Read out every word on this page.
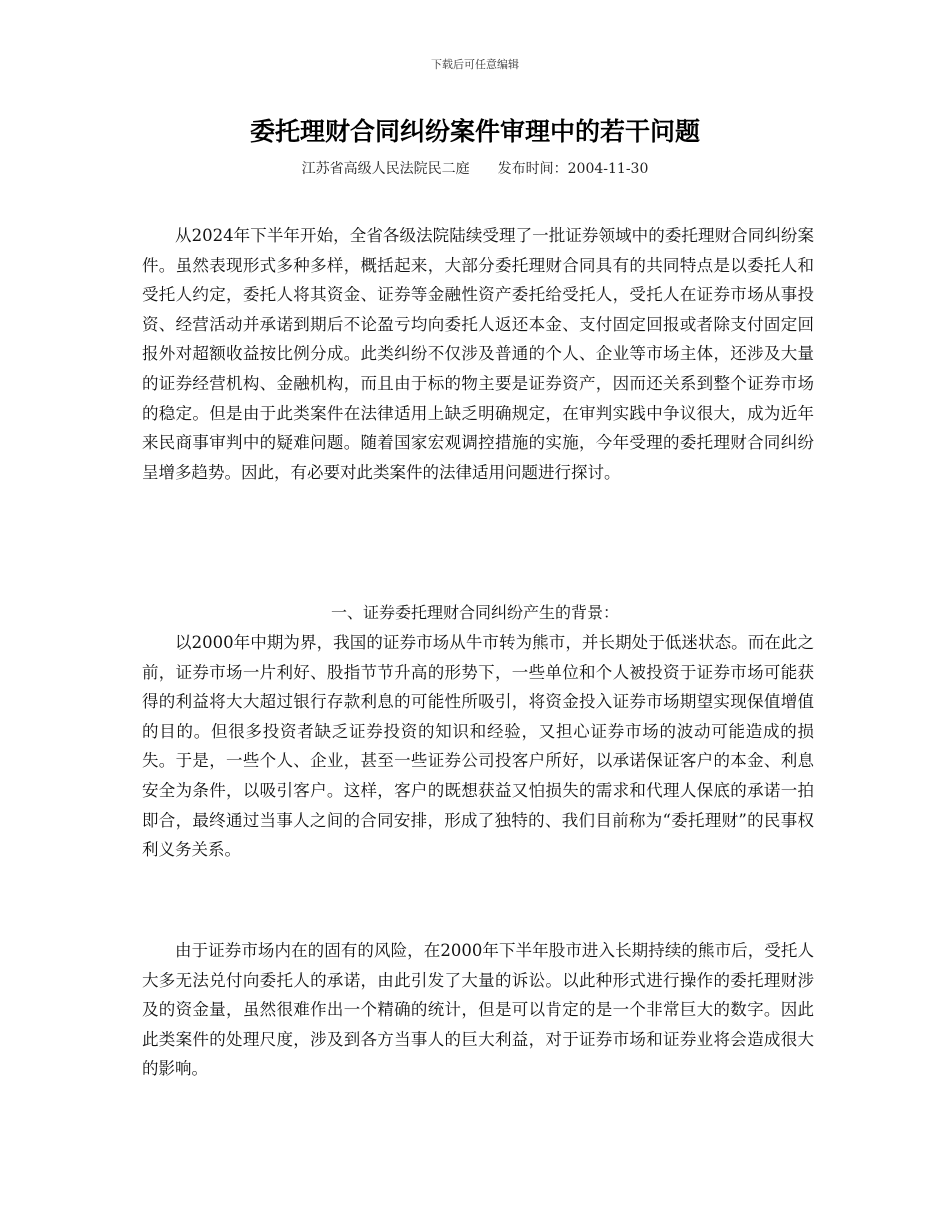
下载后可任意编辑
委托理财合同纠纷案件审理中的若干问题
江苏省高级人民法院民二庭 发布时间：2004-11-30

从2024年下半年开始，全省各级法院陆续受理了一批证券领域中的委托理财合同纠纷案件。虽然表现形式多种多样，概括起来，大部分委托理财合同具有的共同特点是以委托人和受托人约定，委托人将其资金、证券等金融性资产委托给受托人，受托人在证券市场从事投资、经营活动并承诺到期后不论盈亏均向委托人返还本金、支付固定回报或者除支付固定回报外对超额收益按比例分成。此类纠纷不仅涉及普通的个人、企业等市场主体，还涉及大量的证券经营机构、金融机构，而且由于标的物主要是证券资产，因而还关系到整个证券市场的稳定。但是由于此类案件在法律适用上缺乏明确规定，在审判实践中争议很大，成为近年来民商事审判中的疑难问题。随着国家宏观调控措施的实施，今年受理的委托理财合同纠纷呈增多趋势。因此，有必要对此类案件的法律适用问题进行探讨。

一、证券委托理财合同纠纷产生的背景：

以2000年中期为界，我国的证券市场从牛市转为熊市，并长期处于低迷状态。而在此之前，证券市场一片利好、股指节节升高的形势下，一些单位和个人被投资于证券市场可能获得的利益将大大超过银行存款利息的可能性所吸引，将资金投入证券市场期望实现保值增值的目的。但很多投资者缺乏证券投资的知识和经验，又担心证券市场的波动可能造成的损失。于是，一些个人、企业，甚至一些证券公司投客户所好，以承诺保证客户的本金、利息安全为条件，以吸引客户。这样，客户的既想获益又怕损失的需求和代理人保底的承诺一拍即合，最终通过当事人之间的合同安排，形成了独特的、我们目前称为“委托理财”的民事权利义务关系。

由于证券市场内在的固有的风险，在2000年下半年股市进入长期持续的熊市后，受托人大多无法兑付向委托人的承诺，由此引发了大量的诉讼。以此种形式进行操作的委托理财涉及的资金量，虽然很难作出一个精确的统计，但是可以肯定的是一个非常巨大的数字。因此此类案件的处理尺度，涉及到各方当事人的巨大利益，对于证券市场和证券业将会造成很大的影响。
